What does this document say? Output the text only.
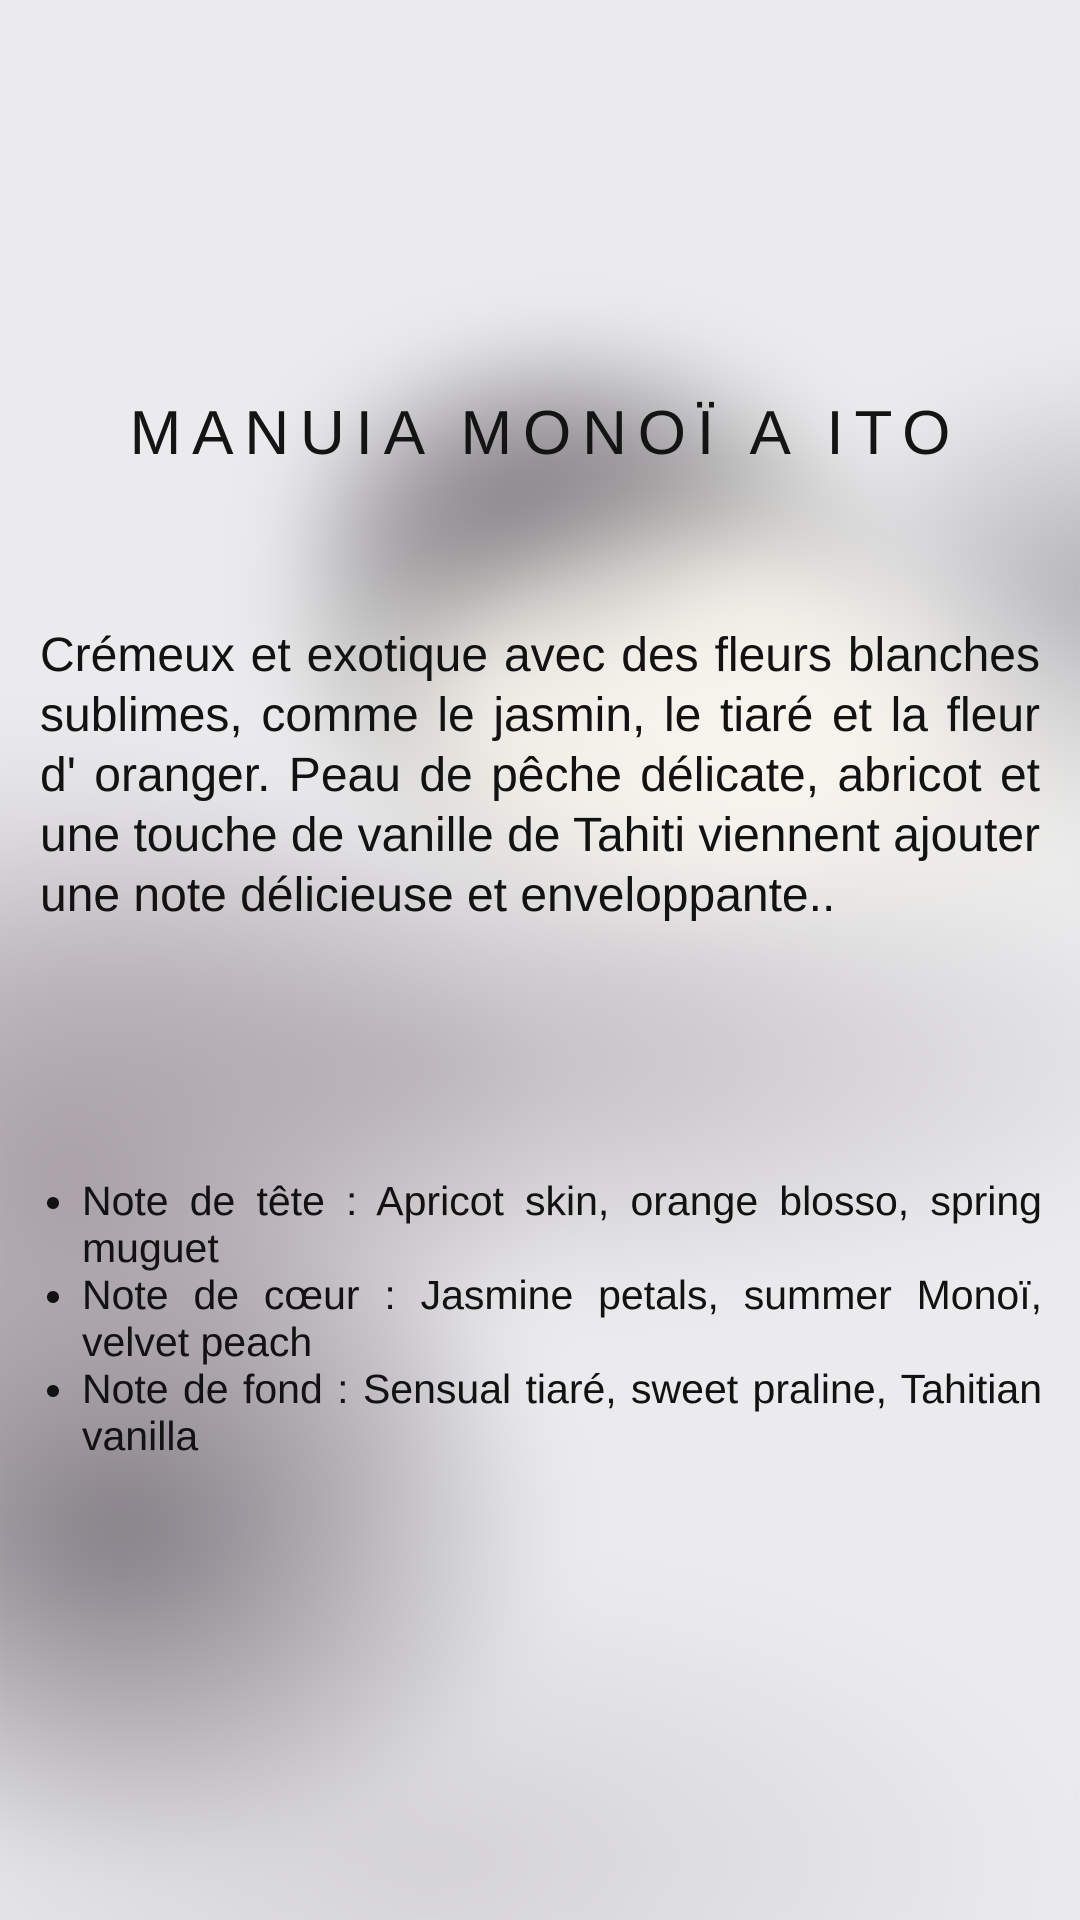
MANUIA MONOÏ A ITO

Crémeux et exotique avec des fleurs blanches sublimes, comme le jasmin, le tiaré et la fleur d' oranger. Peau de pêche délicate, abricot et une touche de vanille de Tahiti viennent ajouter une note délicieuse et enveloppante..

• Note de tête : Apricot skin, orange blosso, spring muguet
• Note de cœur : Jasmine petals, summer Monoï, velvet peach
• Note de fond : Sensual tiaré, sweet praline, Tahitian vanilla
